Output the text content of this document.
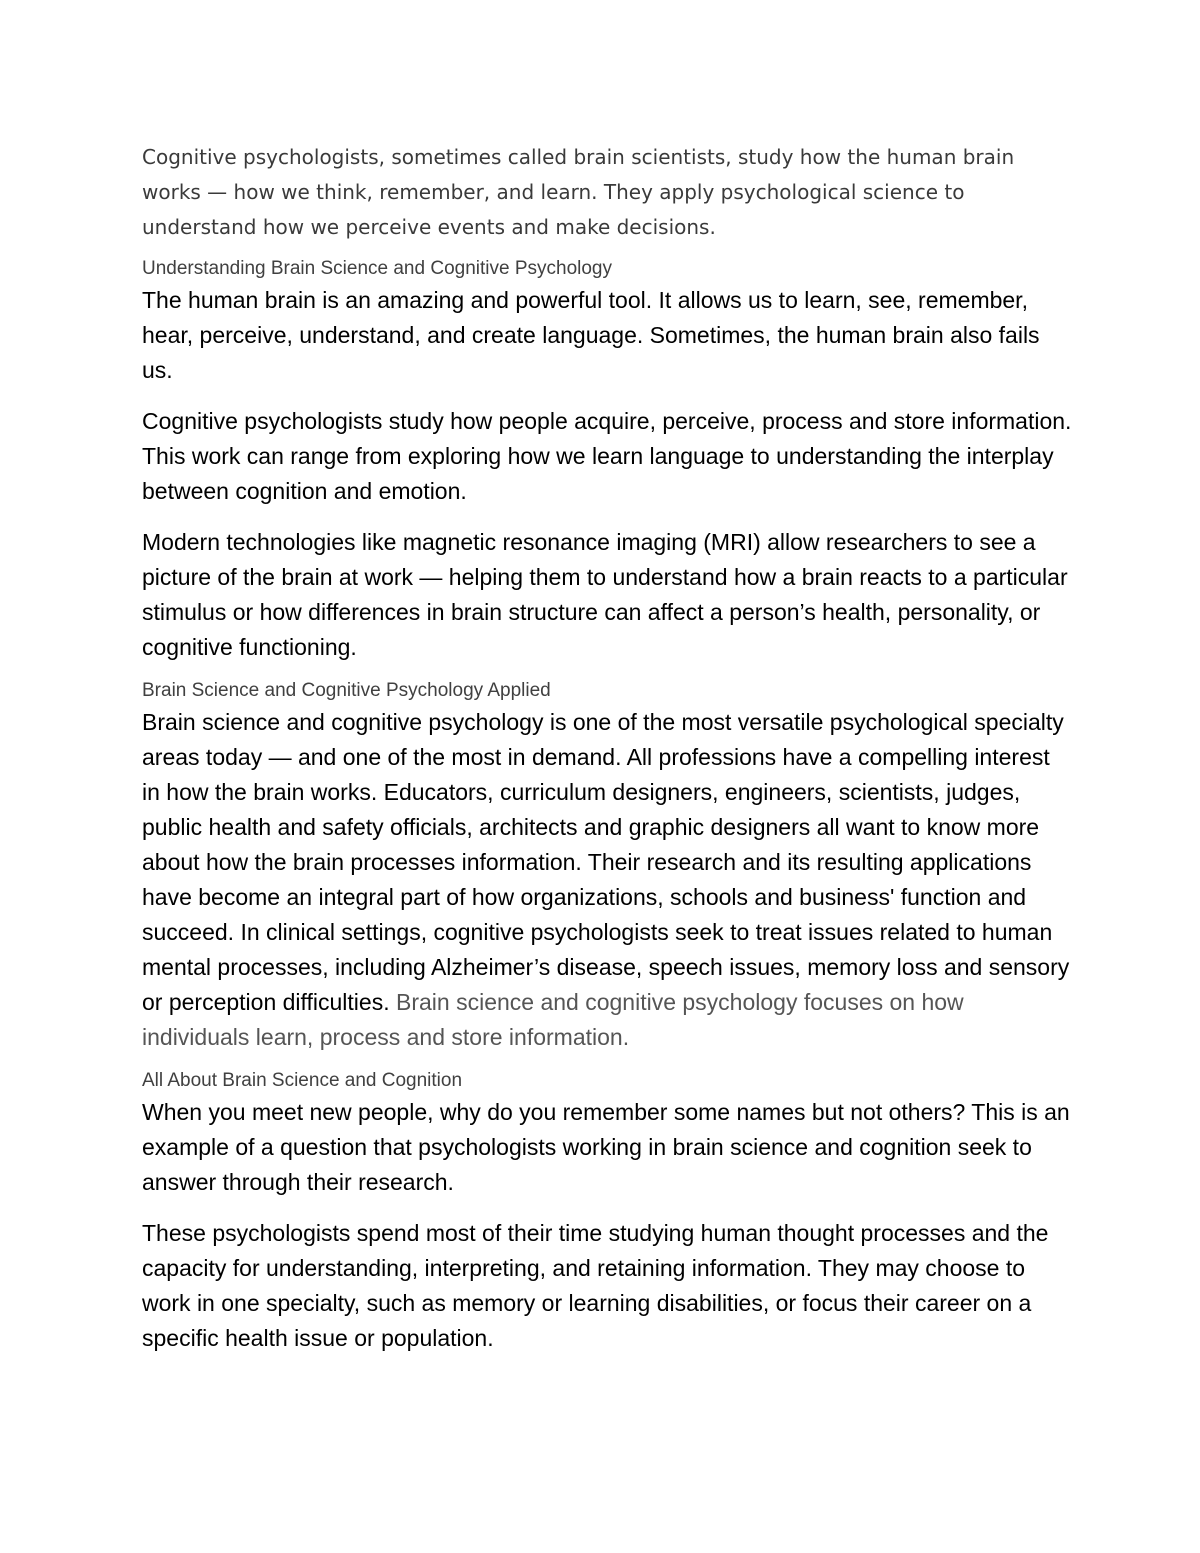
Cognitive psychologists, sometimes called brain scientists, study how the human brain works — how we think, remember, and learn. They apply psychological science to understand how we perceive events and make decisions.

Understanding Brain Science and Cognitive Psychology

The human brain is an amazing and powerful tool. It allows us to learn, see, remember, hear, perceive, understand, and create language. Sometimes, the human brain also fails us.

Cognitive psychologists study how people acquire, perceive, process and store information. This work can range from exploring how we learn language to understanding the interplay between cognition and emotion.

Modern technologies like magnetic resonance imaging (MRI) allow researchers to see a picture of the brain at work — helping them to understand how a brain reacts to a particular stimulus or how differences in brain structure can affect a person’s health, personality, or cognitive functioning.

Brain Science and Cognitive Psychology Applied

Brain science and cognitive psychology is one of the most versatile psychological specialty areas today — and one of the most in demand. All professions have a compelling interest in how the brain works. Educators, curriculum designers, engineers, scientists, judges, public health and safety officials, architects and graphic designers all want to know more about how the brain processes information. Their research and its resulting applications have become an integral part of how organizations, schools and business' function and succeed. In clinical settings, cognitive psychologists seek to treat issues related to human mental processes, including Alzheimer’s disease, speech issues, memory loss and sensory or perception difficulties. Brain science and cognitive psychology focuses on how individuals learn, process and store information.

All About Brain Science and Cognition

When you meet new people, why do you remember some names but not others? This is an example of a question that psychologists working in brain science and cognition seek to answer through their research.

These psychologists spend most of their time studying human thought processes and the capacity for understanding, interpreting, and retaining information. They may choose to work in one specialty, such as memory or learning disabilities, or focus their career on a specific health issue or population.
